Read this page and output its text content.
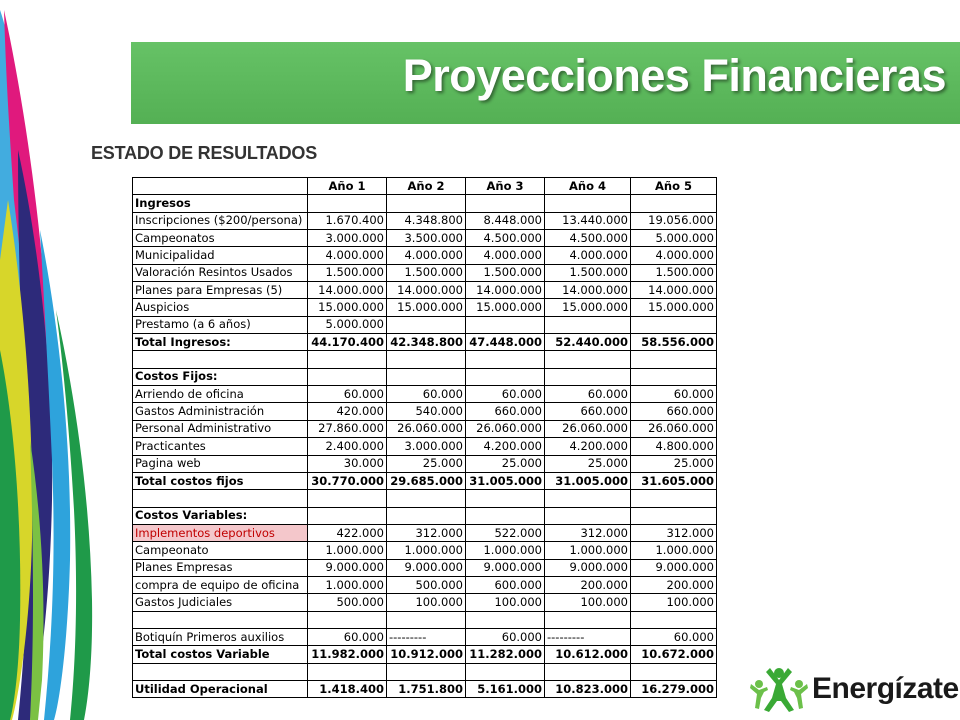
Proyecciones Financieras
ESTADO DE RESULTADOS
	Año 1	Año 2	Año 3	Año 4	Año 5
Ingresos					
Inscripciones ($200/persona)	1.670.400	4.348.800	8.448.000	13.440.000	19.056.000
Campeonatos	3.000.000	3.500.000	4.500.000	4.500.000	5.000.000
Municipalidad	4.000.000	4.000.000	4.000.000	4.000.000	4.000.000
Valoración Resintos Usados	1.500.000	1.500.000	1.500.000	1.500.000	1.500.000
Planes para Empresas (5)	14.000.000	14.000.000	14.000.000	14.000.000	14.000.000
Auspicios	15.000.000	15.000.000	15.000.000	15.000.000	15.000.000
Prestamo (a 6 años)	5.000.000				
Total Ingresos:	44.170.400	42.348.800	47.448.000	52.440.000	58.556.000

Costos Fijos:					
Arriendo de oficina	60.000	60.000	60.000	60.000	60.000
Gastos Administración	420.000	540.000	660.000	660.000	660.000
Personal Administrativo	27.860.000	26.060.000	26.060.000	26.060.000	26.060.000
Practicantes	2.400.000	3.000.000	4.200.000	4.200.000	4.800.000
Pagina web	30.000	25.000	25.000	25.000	25.000
Total costos fijos	30.770.000	29.685.000	31.005.000	31.005.000	31.605.000

Costos Variables:					
Implementos deportivos	422.000	312.000	522.000	312.000	312.000
Campeonato	1.000.000	1.000.000	1.000.000	1.000.000	1.000.000
Planes Empresas	9.000.000	9.000.000	9.000.000	9.000.000	9.000.000
compra de equipo de oficina	1.000.000	500.000	600.000	200.000	200.000
Gastos Judiciales	500.000	100.000	100.000	100.000	100.000

Botiquín Primeros auxilios	60.000	---------	60.000	---------	60.000
Total costos Variable	11.982.000	10.912.000	11.282.000	10.612.000	10.672.000

Utilidad Operacional	1.418.400	1.751.800	5.161.000	10.823.000	16.279.000	Energízate
